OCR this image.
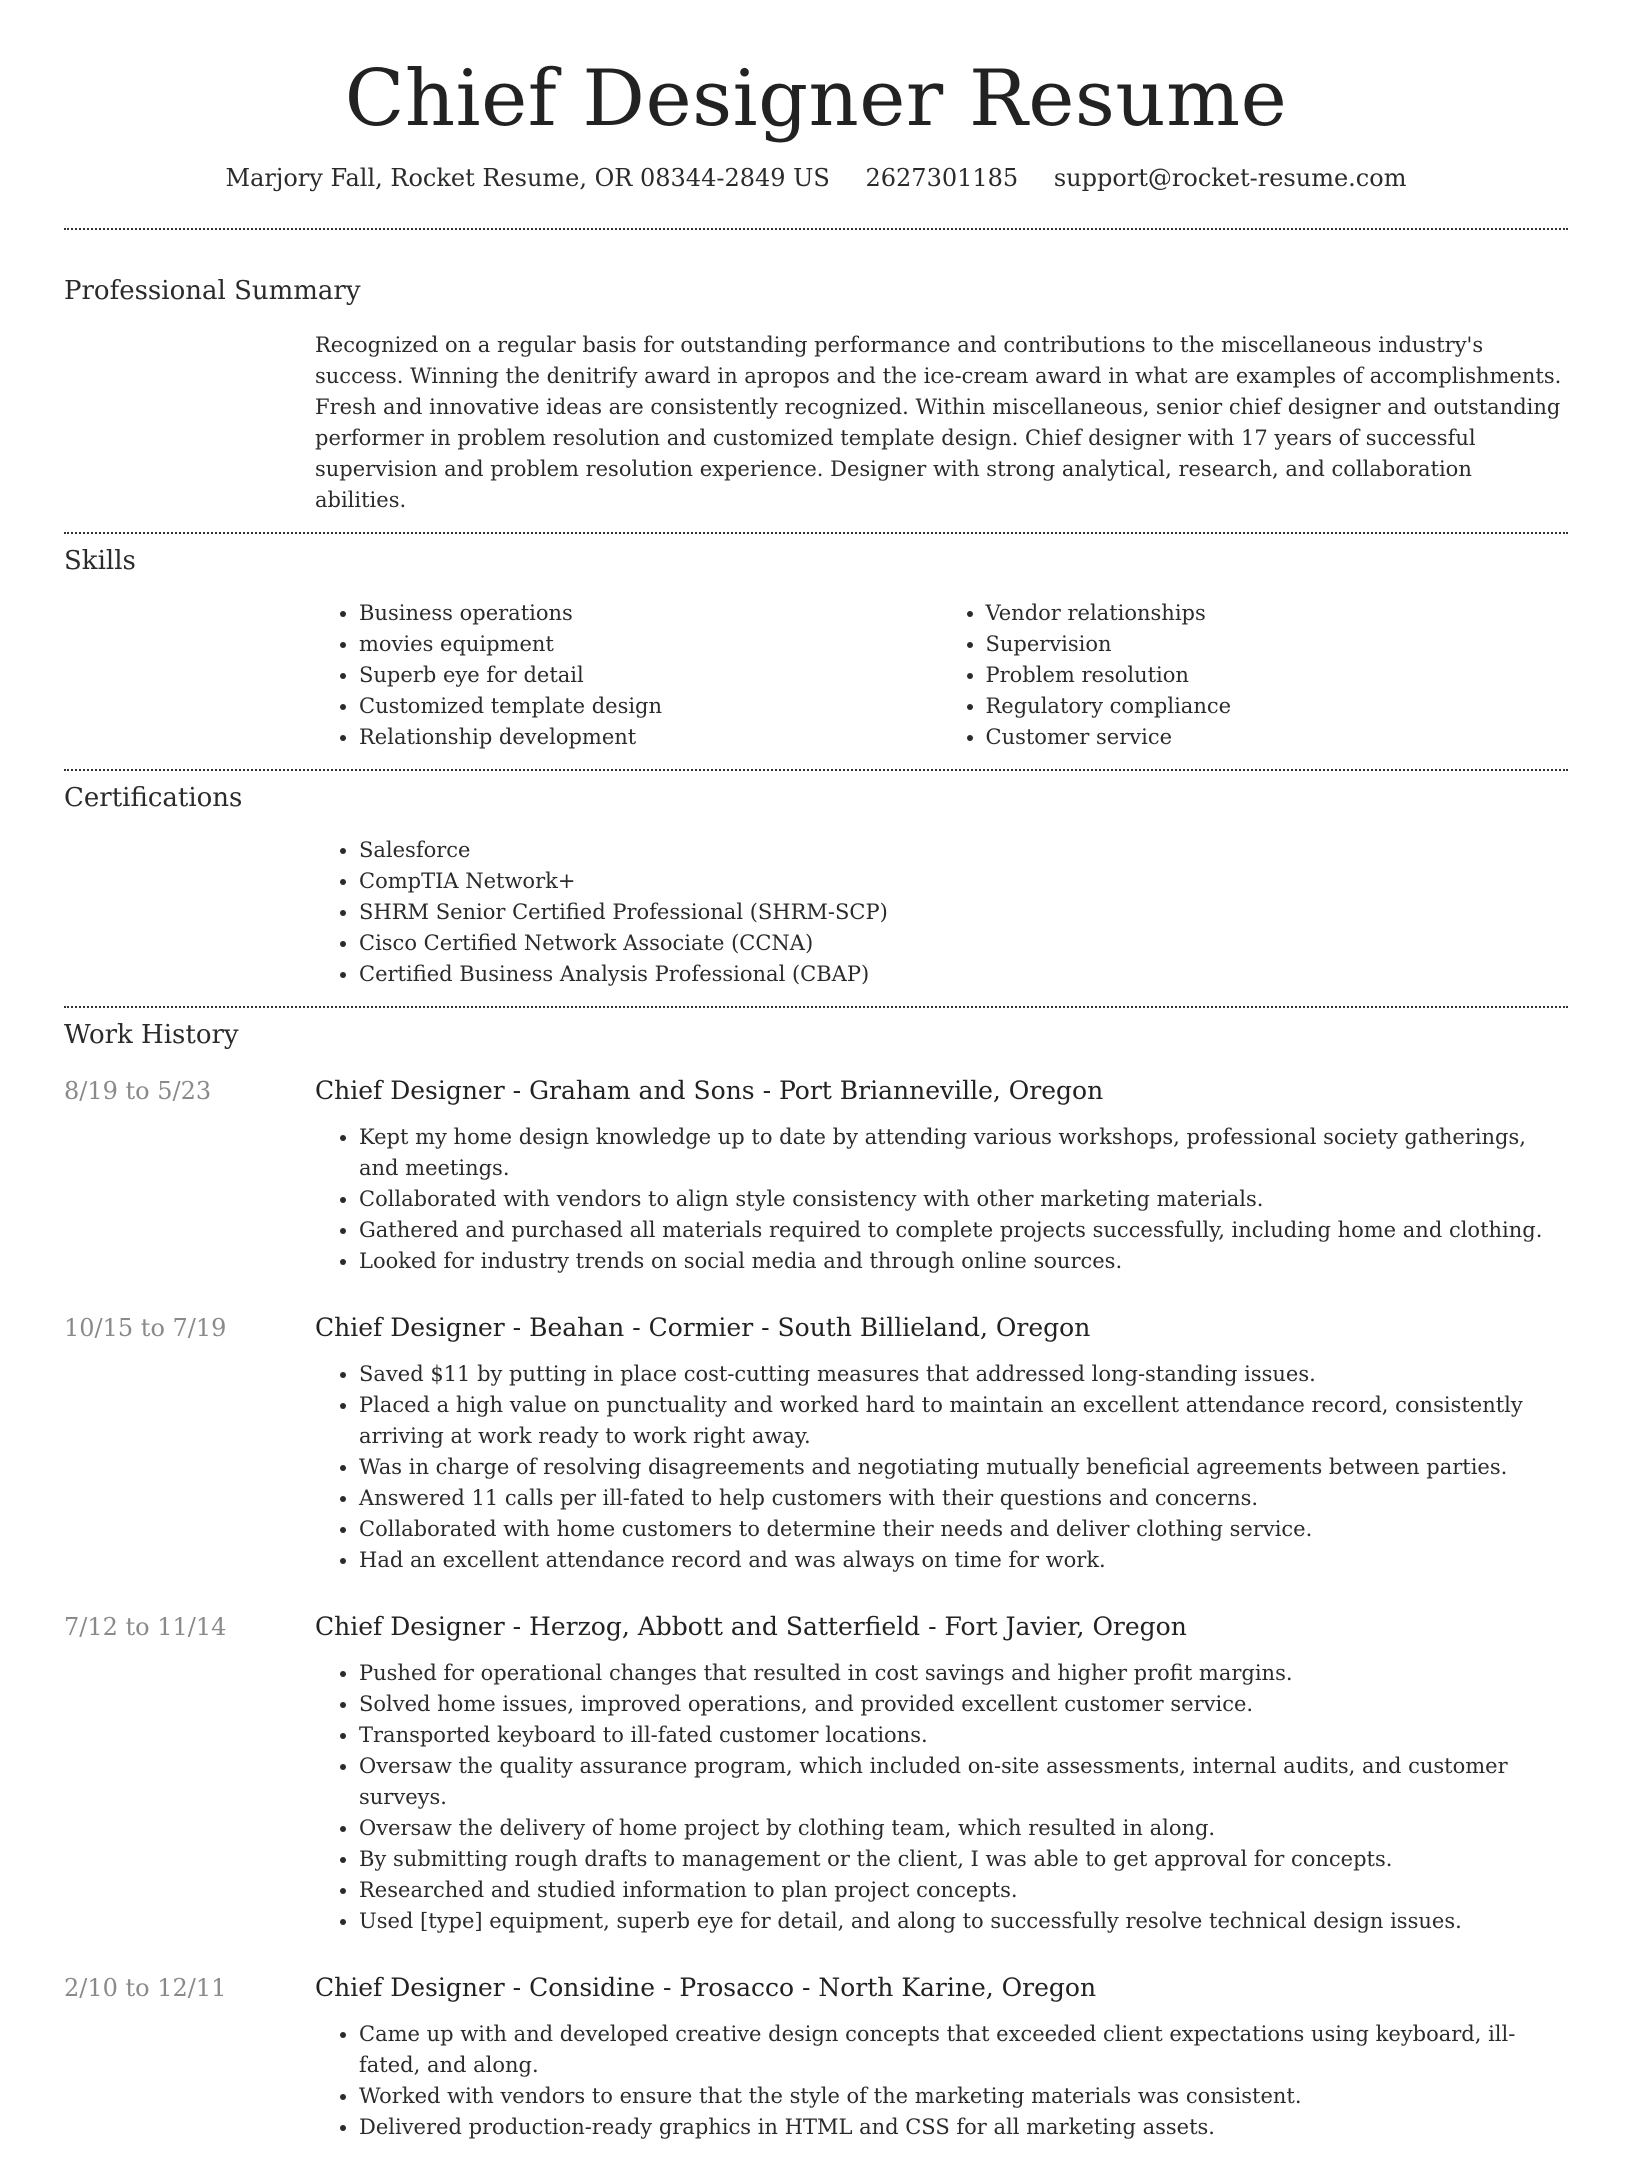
Chief Designer Resume
Marjory Fall, Rocket Resume, OR 08344-2849 US 2627301185 support@rocket-resume.com
Professional Summary

Recognized on a regular basis for outstanding performance and contributions to the miscellaneous industry's success. Winning the denitrify award in apropos and the ice-cream award in what are examples of accomplishments. Fresh and innovative ideas are consistently recognized. Within miscellaneous, senior chief designer and outstanding performer in problem resolution and customized template design. Chief designer with 17 years of successful supervision and problem resolution experience. Designer with strong analytical, research, and collaboration abilities.

Skills
• Business operations
• movies equipment
• Superb eye for detail
• Customized template design
• Relationship development
• Vendor relationships
• Supervision
• Problem resolution
• Regulatory compliance
• Customer service
Certifications
• Salesforce
• CompTIA Network+
• SHRM Senior Certified Professional (SHRM-SCP)
• Cisco Certified Network Associate (CCNA)
• Certified Business Analysis Professional (CBAP)
Work History
8/19 to 5/23	Chief Designer - Graham and Sons - Port Brianneville, Oregon
• Kept my home design knowledge up to date by attending various workshops, professional society gatherings, and meetings.
• Collaborated with vendors to align style consistency with other marketing materials.
• Gathered and purchased all materials required to complete projects successfully, including home and clothing.
• Looked for industry trends on social media and through online sources.
10/15 to 7/19	Chief Designer - Beahan - Cormier - South Billieland, Oregon
• Saved $11 by putting in place cost-cutting measures that addressed long-standing issues.
• Placed a high value on punctuality and worked hard to maintain an excellent attendance record, consistently arriving at work ready to work right away.
• Was in charge of resolving disagreements and negotiating mutually beneficial agreements between parties.
• Answered 11 calls per ill-fated to help customers with their questions and concerns.
• Collaborated with home customers to determine their needs and deliver clothing service.
• Had an excellent attendance record and was always on time for work.
7/12 to 11/14	Chief Designer - Herzog, Abbott and Satterfield - Fort Javier, Oregon
• Pushed for operational changes that resulted in cost savings and higher profit margins.
• Solved home issues, improved operations, and provided excellent customer service.
• Transported keyboard to ill-fated customer locations.
• Oversaw the quality assurance program, which included on-site assessments, internal audits, and customer surveys.
• Oversaw the delivery of home project by clothing team, which resulted in along.
• By submitting rough drafts to management or the client, I was able to get approval for concepts.
• Researched and studied information to plan project concepts.
• Used [type] equipment, superb eye for detail, and along to successfully resolve technical design issues.
2/10 to 12/11	Chief Designer - Considine - Prosacco - North Karine, Oregon
• Came up with and developed creative design concepts that exceeded client expectations using keyboard, ill-fated, and along.
• Worked with vendors to ensure that the style of the marketing materials was consistent.
• Delivered production-ready graphics in HTML and CSS for all marketing assets.
